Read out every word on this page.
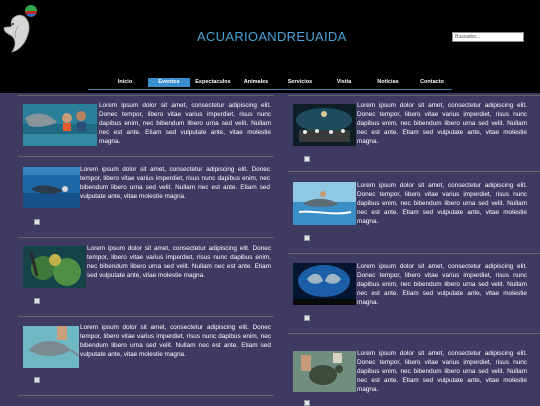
ACUARIOANDREUAIDA	Buscador...
Inicio	Eventos	Espectaculos	Animales	Servicios	Visita	Noticias	Contacto
Lorem ipsum dolor sit amet, consectetur adipiscing elit. Donec tempor, libero vitae varius imperdiet, risus nunc dapibus enim, nec bibendum libero urna sed velit. Nullam nec est ante. Etiam sed vulputate ante, vitae molestie magna.
Lorem ipsum dolor sit amet, consectetur adipiscing elit. Donec tempor, libero vitae varius imperdiet, risus nunc dapibus enim, nec bibendum libero urna sed velit. Nullam nec est ante. Etiam sed vulputate ante, vitae molestie magna.
Lorem ipsum dolor sit amet, consectetur adipiscing elit. Donec tempor, libero vitae varius imperdiet, risus nunc dapibus enim, nec bibendum libero urna sed velit. Nullam nec est ante. Etiam sed vulputate ante, vitae molestie magna.
Lorem ipsum dolor sit amet, consectetur adipiscing elit. Donec tempor, libero vitae varius imperdiet, risus nunc dapibus enim, nec bibendum libero urna sed velit. Nullam nec est ante. Etiam sed vulputate ante, vitae molestie magna.
Lorem ipsum dolor sit amet, consectetur adipiscing elit. Donec tempor, libero vitae varius imperdiet, risus nunc dapibus enim, nec bibendum libero urna sed velit. Nullam nec est ante. Etiam sed vulputate ante, vitae molestie magna.
Lorem ipsum dolor sit amet, consectetur adipiscing elit. Donec tempor, libero vitae varius imperdiet, risus nunc dapibus enim, nec bibendum libero urna sed velit. Nullam nec est ante. Etiam sed vulputate ante, vitae molestie magna.
Lorem ipsum dolor sit amet, consectetur adipiscing elit. Donec tempor, libero vitae varius imperdiet, risus nunc dapibus enim, nec bibendum libero urna sed velit. Nullam nec est ante. Etiam sed vulputate ante, vitae molestie magna.	Lorem ipsum dolor sit amet, consectetur adipiscing elit. Donec tempor, libero vitae varius imperdiet, risus nunc dapibus enim, nec bibendum libero urna sed velit. Nullam nec est ante. Etiam sed vulputate ante, vitae molestie magna.
